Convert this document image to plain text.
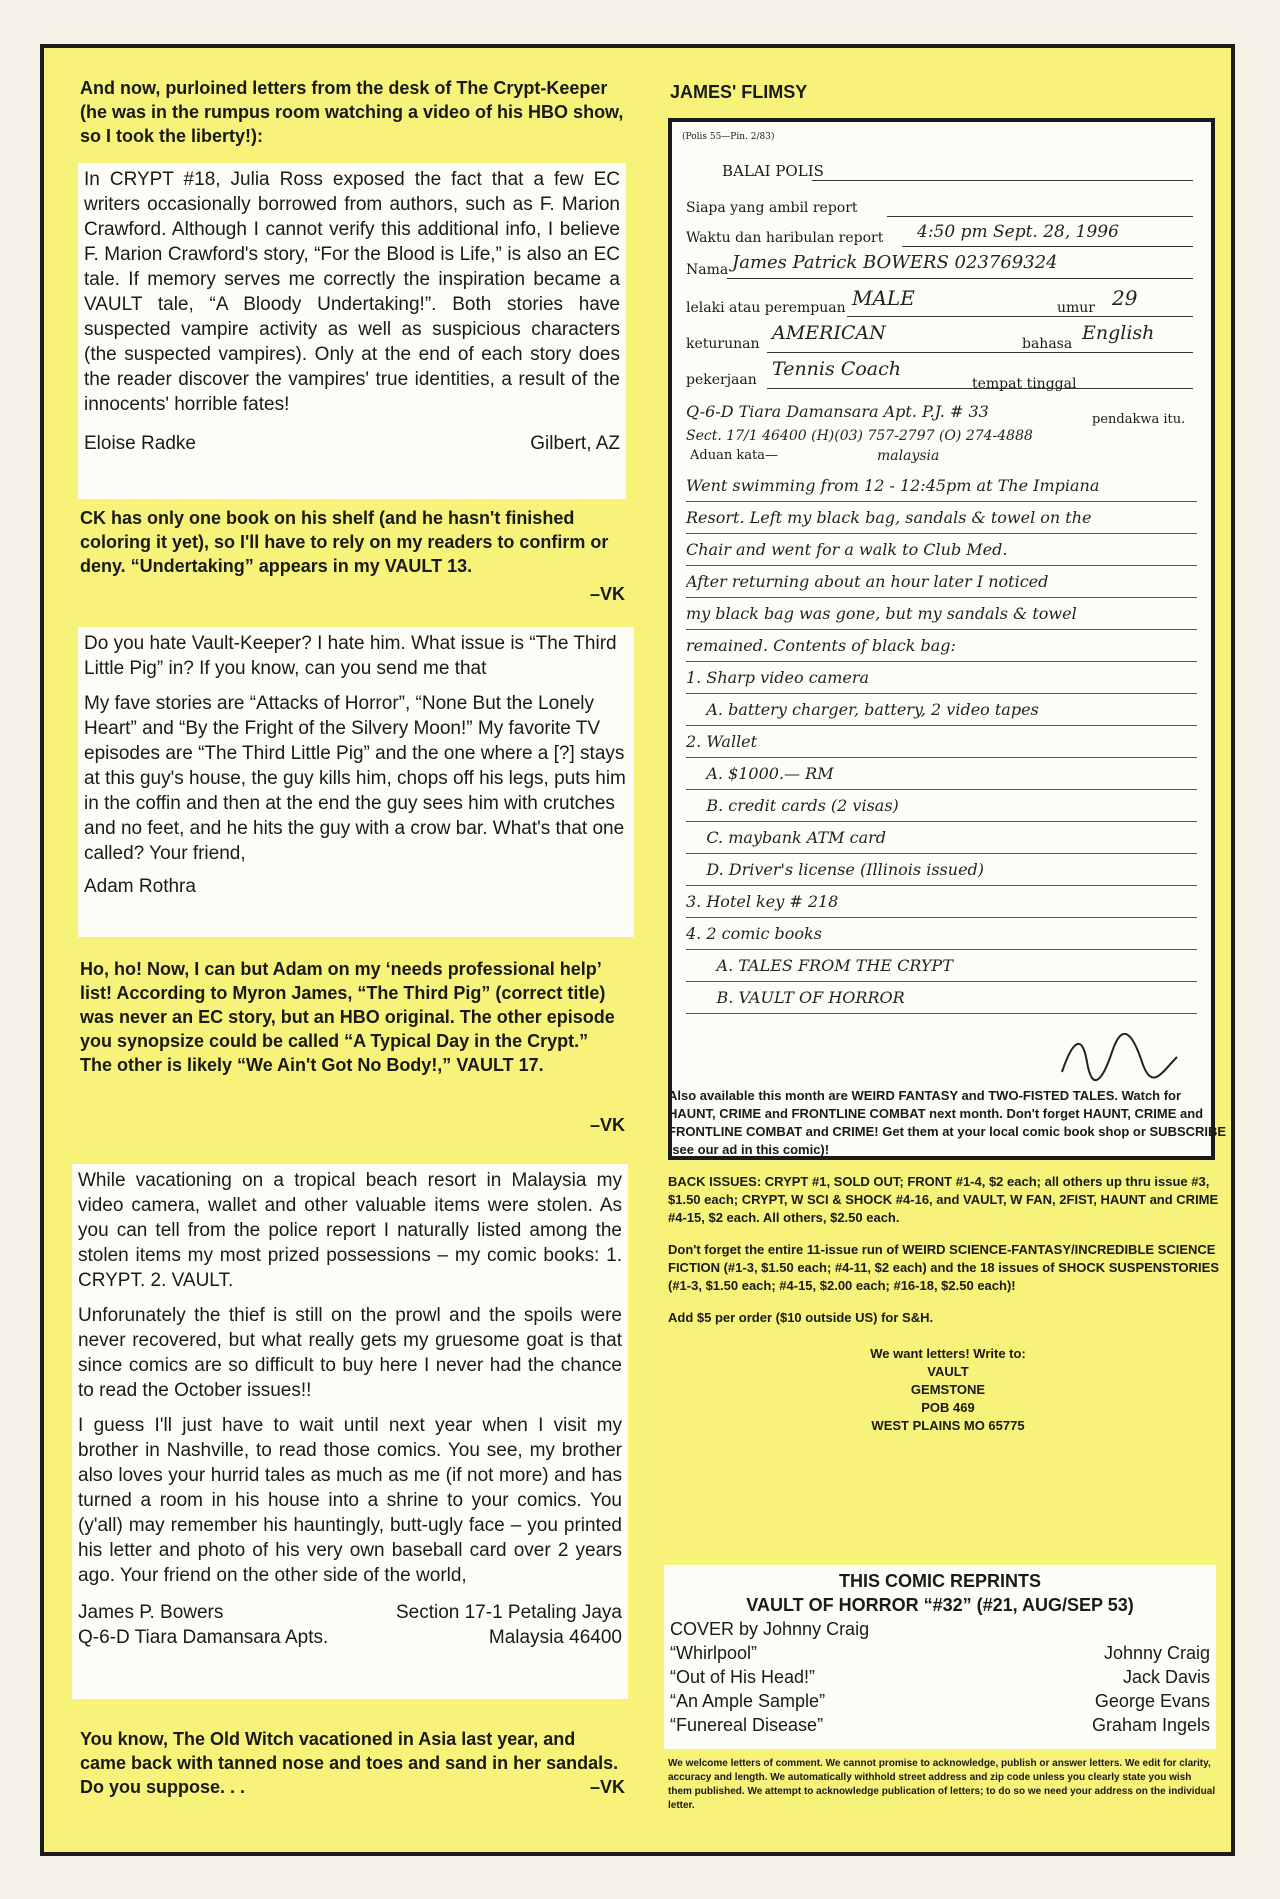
And now, purloined letters from the desk of The Crypt-Keeper (he was in the rumpus room watching a video of his HBO show, so I took the liberty!):

In CRYPT #18, Julia Ross exposed the fact that a few EC writers occasionally borrowed from authors, such as F. Marion Crawford. Although I cannot verify this additional info, I believe F. Marion Crawford's story, “For the Blood is Life,” is also an EC tale. If memory serves me correctly the inspiration became a VAULT tale, “A Bloody Undertaking!”. Both stories have suspected vampire activity as well as suspicious characters (the suspected vampires). Only at the end of each story does the reader discover the vampires' true identities, a result of the innocents' horrible fates!

Eloise Radke	Gilbert, AZ

CK has only one book on his shelf (and he hasn't finished coloring it yet), so I'll have to rely on my readers to confirm or deny. “Undertaking” appears in my VAULT 13.

–VK

Do you hate Vault-Keeper? I hate him. What issue is “The Third Little Pig” in? If you know, can you send me that

My fave stories are “Attacks of Horror”, “None But the Lonely Heart” and “By the Fright of the Silvery Moon!” My favorite TV episodes are “The Third Little Pig” and the one where a [?] stays at this guy's house, the guy kills him, chops off his legs, puts him in the coffin and then at the end the guy sees him with crutches and no feet, and he hits the guy with a crow bar. What's that one called? Your friend,

Adam Rothra

Ho, ho! Now, I can but Adam on my ‘needs professional help’ list! According to Myron James, “The Third Pig” (correct title) was never an EC story, but an HBO original. The other episode you synopsize could be called “A Typical Day in the Crypt.” The other is likely “We Ain't Got No Body!,” VAULT 17.

–VK

While vacationing on a tropical beach resort in Malaysia my video camera, wallet and other valuable items were stolen. As you can tell from the police report I naturally listed among the stolen items my most prized possessions – my comic books: 1. CRYPT. 2. VAULT.

Unforunately the thief is still on the prowl and the spoils were never recovered, but what really gets my gruesome goat is that since comics are so difficult to buy here I never had the chance to read the October issues!!

I guess I'll just have to wait until next year when I visit my brother in Nashville, to read those comics. You see, my brother also loves your hurrid tales as much as me (if not more) and has turned a room in his house into a shrine to your comics. You (y'all) may remember his hauntingly, butt-ugly face – you printed his letter and photo of his very own baseball card over 2 years ago. Your friend on the other side of the world,

James P. Bowers	Section 17-1 Petaling Jaya
Q-6-D Tiara Damansara Apts.	Malaysia 46400

You know, The Old Witch vacationed in Asia last year, and came back with tanned nose and toes and sand in her sandals. Do you suppose. . .	–VK

JAMES' FLIMSY

(Polis 55—Pin. 2/83)
BALAI POLIS
Siapa yang ambil report
Waktu dan haribulan report 4:50 pm Sept. 28, 1996
Nama James Patrick BOWERS 023769324
lelaki atau perempuan MALE	umur 29
keturunan AMERICAN	bahasa English
pekerjaan Tennis Coach
tempat tinggal
Q-6-D Tiara Damansara Apt. P.J. # 33	pendakwa itu.
Sect. 17/1 46400 (H)(03) 757-2797 (O) 274-4888
Aduan kata—	malaysia
Went swimming from 12 - 12:45pm at The Impiana
Resort. Left my black bag, sandals & towel on the
Chair and went for a walk to Club Med.
After returning about an hour later I noticed
my black bag was gone, but my sandals & towel
remained. Contents of black bag:
1. Sharp video camera
A. battery charger, battery, 2 video tapes
2. Wallet
A. $1000.— RM
B. credit cards (2 visas)
C. maybank ATM card
D. Driver's license (Illinois issued)
3. Hotel key # 218
4. 2 comic books
A. TALES FROM THE CRYPT
B. VAULT OF HORROR

Also available this month are WEIRD FANTASY and TWO-FISTED TALES. Watch for HAUNT, CRIME and FRONTLINE COMBAT next month. Don't forget HAUNT, CRIME and FRONTLINE COMBAT and CRIME! Get them at your local comic book shop or SUBSCRIBE (see our ad in this comic)!

BACK ISSUES: CRYPT #1, SOLD OUT; FRONT #1-4, $2 each; all others up thru issue #3, $1.50 each; CRYPT, W SCI & SHOCK #4-16, and VAULT, W FAN, 2FIST, HAUNT and CRIME #4-15, $2 each. All others, $2.50 each.

Don't forget the entire 11-issue run of WEIRD SCIENCE-FANTASY/INCREDIBLE SCIENCE FICTION (#1-3, $1.50 each; #4-11, $2 each) and the 18 issues of SHOCK SUSPENSTORIES (#1-3, $1.50 each; #4-15, $2.00 each; #16-18, $2.50 each)!

Add $5 per order ($10 outside US) for S&H.

We want letters! Write to:

VAULT
GEMSTONE
POB 469
WEST PLAINS MO 65775
THIS COMIC REPRINTS
VAULT OF HORROR “#32” (#21, AUG/SEP 53)
COVER by Johnny Craig
“Whirlpool”	Johnny Craig
“Out of His Head!”	Jack Davis
“An Ample Sample”	George Evans
“Funereal Disease”	Graham Ingels

We welcome letters of comment. We cannot promise to acknowledge, publish or answer letters. We edit for clarity, accuracy and length. We automatically withhold street address and zip code unless you clearly state you wish them published. We attempt to acknowledge publication of letters; to do so we need your address on the individual letter.
